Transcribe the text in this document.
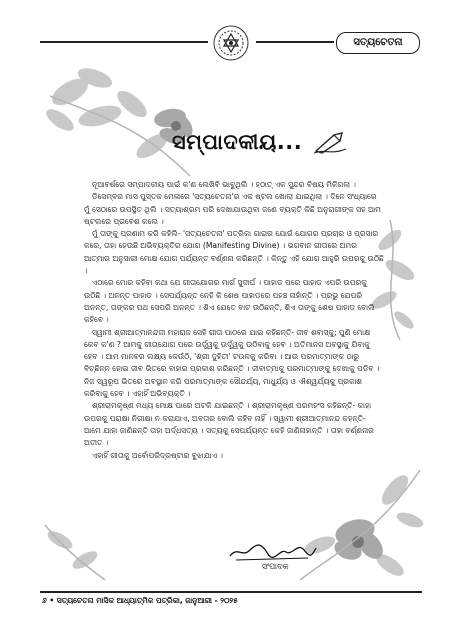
ସତ୍ୟଚେତନା
ସମ୍ପାଦକୀୟ...

ନୂଆବର୍ଷରେ ସମ୍ପାଦକୀୟ ପାଇଁ କ'ଣ ଲେଖିବି ଭାବୁଥିଲି । ହଠାତ୍ ଏକ ସୁନ୍ଦର ବିଷୟ ମିଳିଗଲା ।

ଡିସେମ୍ବର ମାସ ପୁସ୍ତକ ମେଳାରେ 'ସତ୍ୟଚେତନା'ର ଏକ ଷ୍ଟଲ ଖୋଲା ଯାଇଥିଲା । ଦିନେ ସଂଧ୍ୟାରେ ମୁଁ ସେଠାରେ ଉପସ୍ଥିତ ଥିଲି । ସତ୍ୟାଶ୍ରମ ପରି ଦେଖାଯାଉଥିବା ଜଣେ ବ୍ୟକ୍ତି କିଛି ଅନୁରାଗୀଙ୍କ ସହ ଆମ ଷ୍ଟଲରେ ପ୍ରବେଶ କଲେ ।

ମୁଁ ତାଙ୍କୁ ପ୍ରଣାମ କରି କହିଲି- 'ସତ୍ୟଚେତନା' ପତ୍ରିକା ଗାରାର ଯୋଗଁ ଯୋଗର ପ୍ରଚାର ଓ ପ୍ରସାର କରେ, ତାହା ହେଉଛି ଅଭିବ୍ୟକ୍ତିର ଯୋଗ (Manifesting Divine) । ଭଗବାନ ଗୀତାରେ ଅମର ଆତ୍ମାର ଅନୁସାରୀ ମୋକ୍ଷ ଯୋଗ ପର୍ଯ୍ୟନ୍ତ ବର୍ଣ୍ଣନା କରିଛନ୍ତି । କିନ୍ତୁ ଏହି ଯୋଗ ଆହୁରି ଉପରକୁ ଉଠିଛି ।

ଏଠାରେ ମୋର କହିବା କଥା ଯେ ଗୀତାଯୋଗର ମାର୍ଗ ସୁଦୀର୍ଘ । ପାହାଡ ପରେ ପାହାଡ ଏପରି ଉପରକୁ ଉଠିଛି । ଅନନ୍ତ ପାହାଡ । ସେପର୍ଯ୍ୟନ୍ତ ନେହି କି ଶେଷ ପାହାଡରେ ପହଞ୍ଚ ନାହାଁନ୍ତି । ପ୍ରଭୁ ଯେପରି ଅନନ୍ତ, ତାଙ୍କର ପଥ ସେପରି ଅନନ୍ତ । ଶିଏ ଯେତେ ବାଟ ଉଠିଛନ୍ତି, ଶିଏ ତାଙ୍କୁ ଶେଷ ପାହାଡ ବୋଲି କହିବେ ।

ସ୍ୱାମୀ ଶ୍ରୀଆତ୍ମାନନ୍ଦଜୀ ମହାରାଜ ସେହି ଗୀତା ପାଠରେ ଯାଇ କହିଛନ୍ତି- ଜୀବ ଶବାସ୍କୁ; ପୁଣି ମୋକ୍ଷ କେବ କ'ଣ ? ଆମକୁ ଗୀତାଯୋଗ ପରେ ଉର୍ଦ୍ଧ୍ୱକୁ ଉର୍ଦ୍ଧ୍ୱକୁ ଉଠିବାକୁ ହେବ । ଅତିମାନସ ଅବସ୍ଥାକୁ ଯିବାକୁ ହେବ । ଆମ ମାନବର ଲକ୍ଷ୍ୟ କେଉଁଠି, 'ଶ୍ରୀ ଦୁହିତୀ' ଟଉଳକୁ କରିବା । ଆଉ ପରମାତ୍ମାଙ୍କ ଠାରୁ ବିଚ୍ଛିନ୍ନ ହୋଇ ଜୀବ ଭିତରେ ବାହାର ପ୍ରକାଶ କରିଛନ୍ତି । ଜୀବାତ୍ମାକୁ ପରମାତ୍ମାଙ୍କୁ ଦେଖାକୁ ପଡିବ । ନିଜ ସ୍ୱରୂପ ଭିତରେ ଅବସ୍ଥାନ କରି ପରମାତ୍ମାଙ୍କ ସୌନ୍ଦର୍ଯ୍ୟ, ମାଧୁର୍ଯ୍ୟ ଓ ଐଶ୍ୱର୍ଯ୍ୟକୁ ପ୍ରକାଶ କରିବାକୁ ହେବ । ଏହାହିଁ ଅଭିବ୍ୟକ୍ତି ।

ଶ୍ରୀରାମକୃଷ୍ଣ ମଧ୍ୟ ମୋକ୍ଷ ପାରେ ଅଟକି ଯାଇଛନ୍ତି । ଶ୍ରୀରାମକୃଷ୍ଣ ପରମହଂସ କହିଛନ୍ତି- କାହା ଉପରକୁ ପରାକ୍ଷା ନିରୀକ୍ଷା ନ କରାଯାଏ, ଅବତାର ବୋଲି କହିବ ନାହିଁ । ସ୍ୱାମୀ ଶ୍ରୀଆତ୍ମାନନ୍ଦ କହନ୍ତି- ଆମେ ଯାହା ଜାଣିଛନ୍ତି ତାହା ଅର୍ଦ୍ଧସତ୍ୟ । ସତ୍ୟକୁ ସେପର୍ଯ୍ୟନ୍ତ କେହି ଜାଣିନାହାନ୍ତି । ତାହା ବର୍ଣ୍ଣନାର ଅତୀତ ।

ଏହାହିଁ ଗୀତାକୁ ଅର୍ବୋପରିଦ୍ରଷ୍ଟାର ବୁଝାଯାଏ ।

ସଂପାଦକ
୬ • ସତ୍ୟଚେତନା ମାସିକ ଆଧ୍ୟାତ୍ମିକ ପତ୍ରିକା, ଜାନୁଆରୀ - ୨୦୨୫
